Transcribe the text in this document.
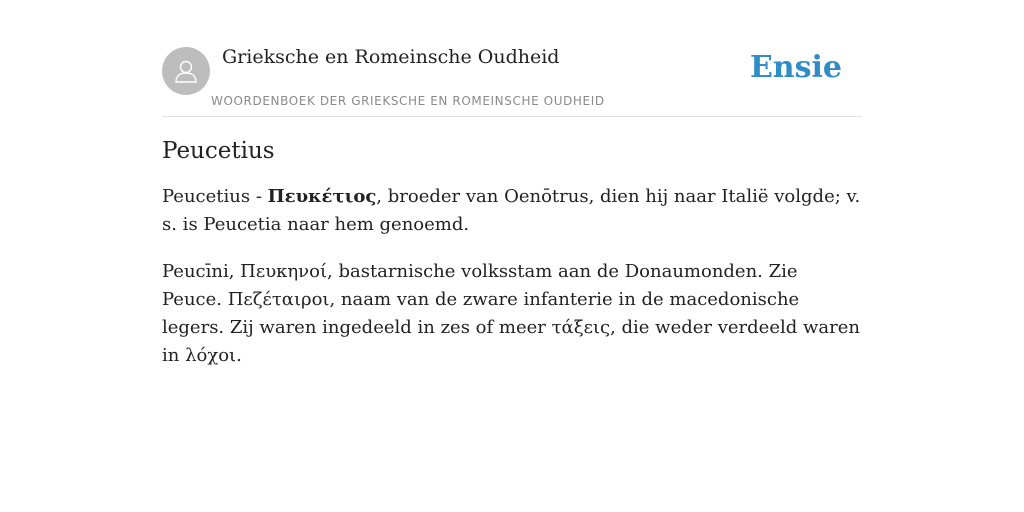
Grieksche en Romeinsche Oudheid
WOORDENBOEK DER GRIEKSCHE EN ROMEINSCHE OUDHEID
Ensie
Peucetius

Peucetius - Πευκέτιος, broeder van Oenōtrus, dien hij naar Italië volgde; v. s. is Peucetia naar hem genoemd.

Peucīni, Πευκηνοί, bastarnische volksstam aan de Donaumonden. Zie Peuce. Πεζέταιροι, naam van de zware infanterie in de macedonische legers. Zij waren ingedeeld in zes of meer τάξεις, die weder verdeeld waren in λόχοι.
